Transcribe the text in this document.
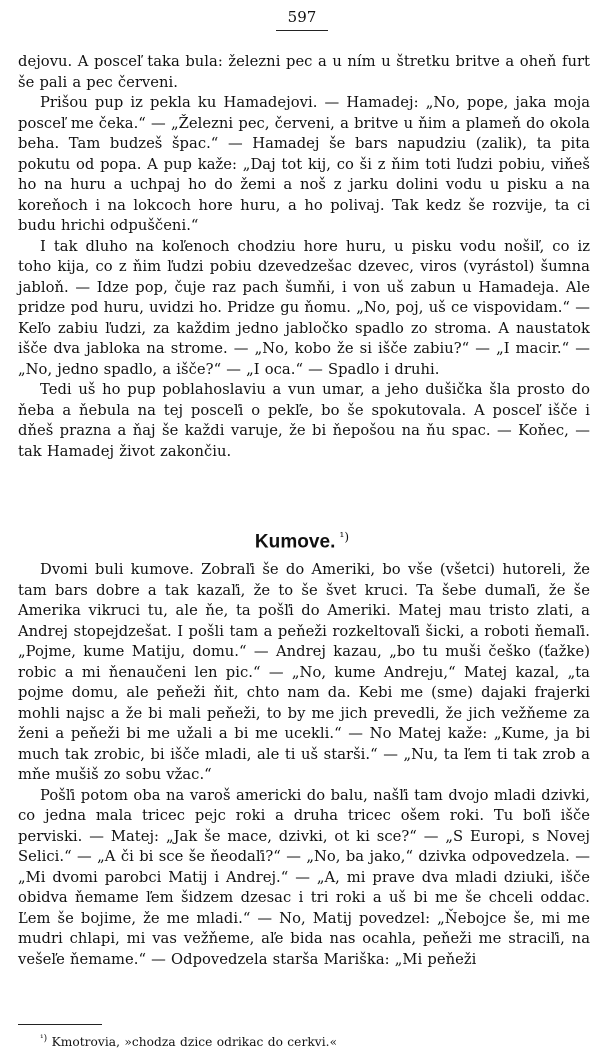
597
dejovu. A posceľ taka bula: železni pec a u ním u štretku britve a oheň furt še pali a pec červeni.
Prišou pup iz pekla ku Hamadejovi. — Hamadej: „No, pope, jaka moja posceľ me čeka.“ — „Železni pec, červeni, a britve u ňim a plameň do okola beha. Tam budzeš špac.“ — Hamadej še bars napudziu (zalik), ta pita pokutu od popa. A pup kaže: „Daj tot kij, co ši z ňim toti ľudzi pobiu, viňeš ho na huru a uchpaj ho do žemi a noš z jarku dolini vodu u pisku a na koreňoch i na lokcoch hore huru, a ho polivaj. Tak kedz še rozvije, ta ci budu hrichi odpuščeni.“
I tak dluho na koľenoch chodziu hore huru, u pisku vodu nošiľ, co iz toho kija, co z ňim ľudzi pobiu dzevedzešac dzevec, viros (vyrástol) šumna jabloň. — Idze pop, čuje raz pach šumňi, i von uš zabun u Hamadeja. Ale pridze pod huru, uvidzi ho. Pridze gu ňomu. „No, poj, uš ce vispovidam.“ — Keľo zabiu ľudzi, za každim jedno jabločko spadlo zo stroma. A naustatok išče dva jabloka na strome. — „No, kobo že si išče zabiu?“ — „I macir.“ — „No, jedno spadlo, a išče?“ — „I oca.“ — Spadlo i druhi.
Tedi uš ho pup poblahoslaviu a vun umar, a jeho dušička šla prosto do ňeba a ňebula na tej posceľi o pekľe, bo še spokutovala. A posceľ išče i dňeš prazna a ňaj še každi varuje, že bi ňepošou na ňu spac. — Koňec, — tak Hamadej život zakončiu.
Kumove. $^{^1)}$
Dvomi bulі kumove. Zobraľi še do Ameriki, bo vše (všetci) hutoreli, že tam bars dobre a tak kazaľi, že to še švet kruci. Ta šebe dumaľi, že še Amerika vikruci tu, ale ňe, ta pošľi do Ameriki. Matej mau tristo zlati, a Andrej stopejdzešat. I pošli tam a peňeži rozkeltovaľi šicki, a roboti ňemaľi. „Pojme, kume Matiju, domu.“ — Andrej kazau, „bo tu muši češko (ťažke) robic a mi ňenaučeni len pic.“ — „No, kume Andreju,“ Matej kazal, „ta pojme domu, ale peňeži ňit, chto nam da. Kebi me (sme) dajaki frajerki mohli najsc a že bi mali peňeži, to by me jich prevedli, že jich vežňeme za ženi a peňeži bi me užali a bi me ucekli.“ — No Matej kaže: „Kume, ja bi much tak zrobic, bi išče mladi, ale ti uš starši.“ — „Nu, ta ľem ti tak zrob a mňe mušiš zo sobu vžac.“
Pošľi potom oba na varoš americki do balu, našľi tam dvojo mladi dzivki, co jedna mala tricec pejc roki a druha tricec ošem roki. Tu boľi išče perviski. — Matej: „Jak še mace, dzivki, ot ki sce?“ — „S Europi, s Novej Selici.“ — „A či bi sce še ňeodaľi?“ — „No, ba jako,“ dzivka odpovedzela. — „Mi dvomi parobci Matij i Andrej.“ — „A, mi prave dva mladi dziuki, išče obidva ňemame ľem šidzem dzesac i tri roki a uš bi me še chceli oddac. Ľem še bojime, že me mladi.“ — No, Matij povedzel: „Ňebojce še, mi me mudri chlapi, mi vas vežňeme, aľe bida nas ocahla, peňeži me straciľi, na vešeľe ňemame.“ — Odpovedzela starša Mariška: „Mi peňeži
$^{^1)}$ Kmotrovia, »chodza dzice odrikac do cerkvi.«
